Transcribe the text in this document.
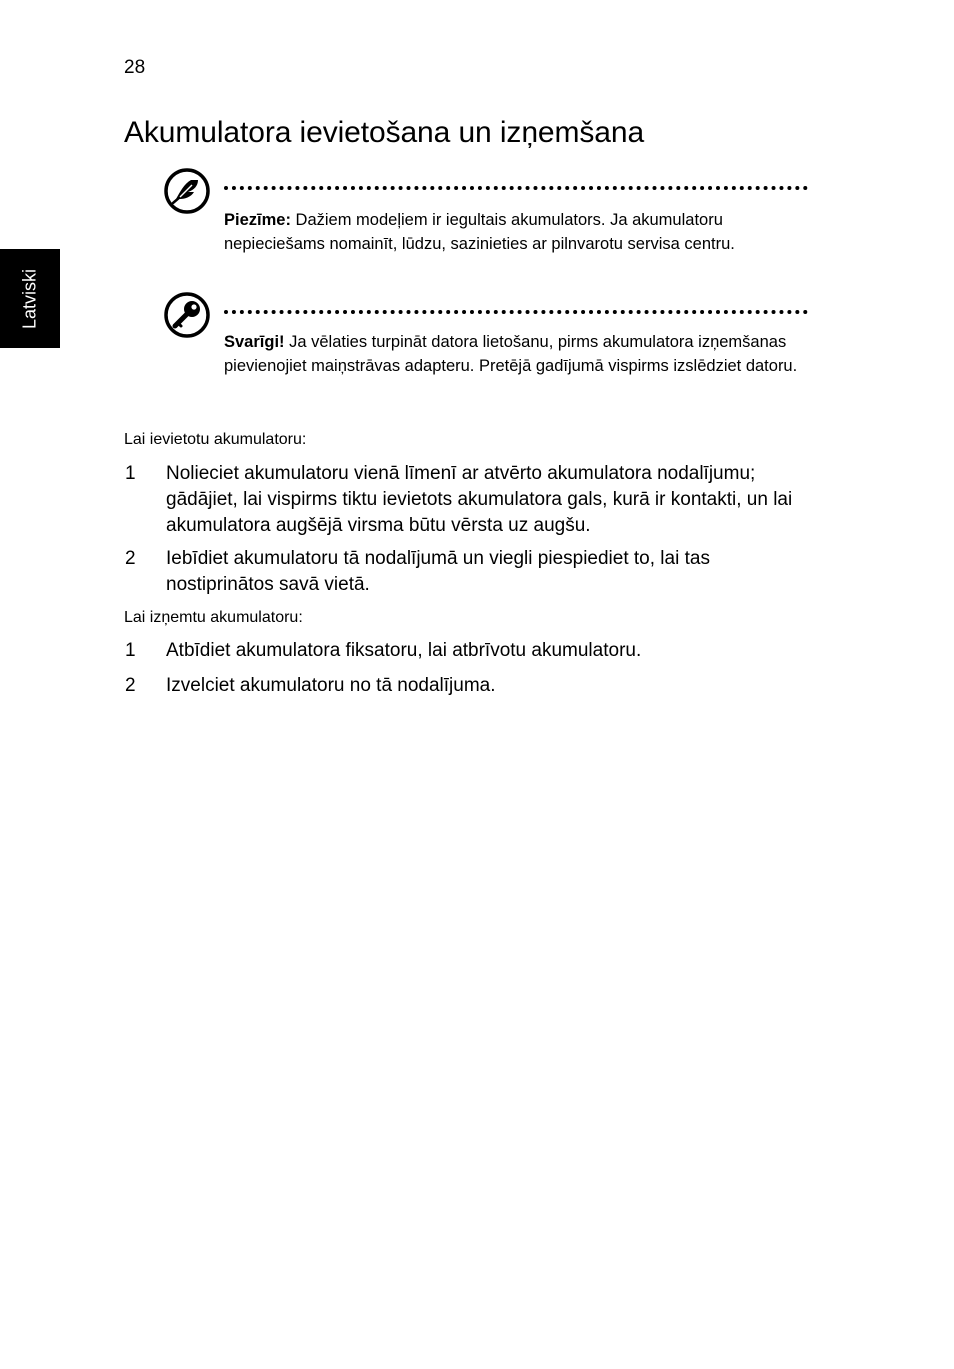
28
Akumulatora ievietošana un izņemšana
Latviski
Piezīme: Dažiem modeļiem ir iegultais akumulators. Ja akumulatoru nepieciešams nomainīt, lūdzu, sazinieties ar pilnvarotu servisa centru.
Svarīgi! Ja vēlaties turpināt datora lietošanu, pirms akumulatora izņemšanas pievienojiet maiņstrāvas adapteru. Pretējā gadījumā vispirms izslēdziet datoru.
Lai ievietotu akumulatoru:
1 Nolieciet akumulatoru vienā līmenī ar atvērto akumulatora nodalījumu; gādājiet, lai vispirms tiktu ievietots akumulatora gals, kurā ir kontakti, un lai akumulatora augšējā virsma būtu vērsta uz augšu.
2 Iebīdiet akumulatoru tā nodalījumā un viegli piespiediet to, lai tas nostiprinātos savā vietā.
Lai izņemtu akumulatoru:
1 Atbīdiet akumulatora fiksatoru, lai atbrīvotu akumulatoru.
2 Izvelciet akumulatoru no tā nodalījuma.
